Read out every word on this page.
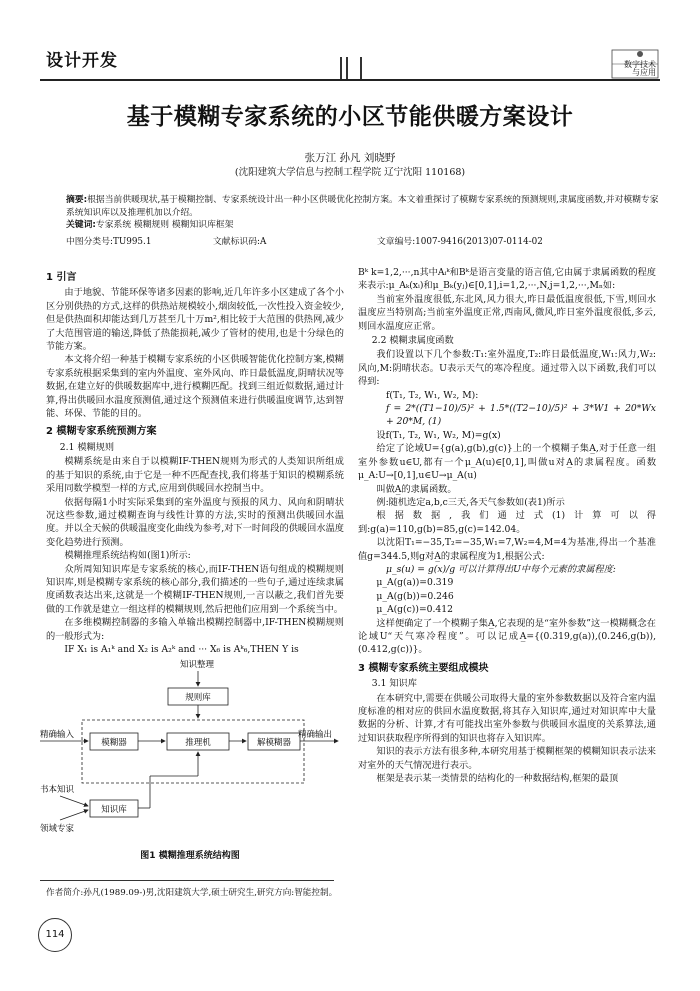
设计开发	数字技术
与应用
基于模糊专家系统的小区节能供暖方案设计
张万江 孙凡 刘晓野
(沈阳建筑大学信息与控制工程学院 辽宁沈阳 110168)
摘要:根据当前供暖现状,基于模糊控制、专家系统设计出一种小区供暖优化控制方案。本文着重探讨了模糊专家系统的预测规则,隶属度函数,并对模糊专家系统知识库以及推理机加以介绍。
关键词:专家系统 模糊规则 模糊知识库框架
中图分类号:TU995.1	文献标识码:A	文章编号:1007-9416(2013)07-0114-02

1 引言

由于地貌、节能环保等诸多因素的影响,近几年许多小区建成了各个小区分别供热的方式,这样的供热站规模较小,烟囱较低,一次性投入资金较少,但是供热面积却能达到几万甚至几十万m²,相比较于大范围的供热网,减少了大范围管道的输送,降低了热能损耗,减少了管材的使用,也是十分绿色的节能方案。

本文将介绍一种基于模糊专家系统的小区供暖智能优化控制方案,模糊专家系统根据采集到的室内外温度、室外风向、昨日最低温度,阴晴状况等数据,在建立好的供暖数据库中,进行模糊匹配。找到三组近似数据,通过计算,得出供暖回水温度预测值,通过这个预测值来进行供暖温度调节,达到智能、环保、节能的目的。

2 模糊专家系统预测方案

2.1 模糊规则

模糊系统是由来自于以模糊IF-THEN规则为形式的人类知识所组成的基于知识的系统,由于它是一种不匹配查找,我们将基于知识的模糊系统采用同数学模型一样的方式,应用到供暖回水控制当中。

依据每隔1小时实际采集到的室外温度与预报的风力、风向和阴晴状况这些参数,通过模糊查询与线性计算的方法,实时的预测出供暖回水温度。并以全天候的供暖温度变化曲线为参考,对下一时间段的供暖回水温度变化趋势进行预测。

模糊推理系统结构如(图1)所示:

众所周知知识库是专家系统的核心,而IF-THEN语句组成的模糊规则知识库,则是模糊专家系统的核心部分,我们描述的一些句子,通过连续隶属度函数表达出来,这就是一个模糊IF-THEN规则,一言以蔽之,我们首先要做的工作就是建立一组这样的模糊规则,然后把他们应用到一个系统当中。

在多维模糊控制器的多输入单输出模糊控制器中,IF-THEN模糊规则的一般形式为:

IF X₁ is A₁ᵏ and X₂ is A₂ᵏ and ··· X₆ is Aᵏ₆,THEN Y is

知识整理
规则库
精确输入
模糊器	推理机	解模糊器
精确输出
书本知识
知识库
领域专家
图1 模糊推理系统结构图

Bᵏ k=1,2,···,n其中Aᵢᵏ和Bᵏ是语言变量的语言值,它由属于隶属函数的程度来表示:μ_Aₖ(xᵢ)和μ_Bₖ(yⱼ)∈[0,1],i=1,2,···,N,j=1,2,···,Mₙ如:

当前室外温度很低,东北风,风力很大,昨日最低温度很低,下雪,则回水温度应当特别高;当前室外温度正常,西南风,微风,昨日室外温度很低,多云,则回水温度应正常。

2.2 模糊隶属度函数

我们设置以下几个参数:T₁:室外温度,T₂:昨日最低温度,W₁:风力,W₂:风向,M:阴晴状态。U表示天气的寒冷程度。通过带入以下函数,我们可以得到:

f(T₁, T₂, W₁, W₂, M):

f = 2*((T1−10)/5)² + 1.5*((T2−10)/5)² + 3*W1 + 20*Wx + 20*M, (1)

设f(T₁, T₂, W₁, W₂, M)=g(x)

给定了论域U={g(a),g(b),g(c)}上的一个模糊子集A̲,对于任意一组室外参数u∈U,都有一个μ_A(u)∈[0,1],叫做u对A̲的隶属程度。函数μ_A:U→[0,1],u∈U→μ_A(u)

叫做A̲的隶属函数。

例:随机选定a,b,c三天,各天气参数如(表1)所示

根据数据,我们通过式(1)计算可以得到:g(a)=110,g(b)=85,g(c)=142.04。

以沈阳T₁=−35,T₂=−35,W₁=7,W₂=4,M=4为基准,得出一个基准值g=344.5,则g对A̲的隶属程度为1,根据公式:

μ_s(u) = g(x)/g 可以计算得出U中每个元素的隶属程度:

μ_A(g(a))=0.319

μ_A(g(b))=0.246

μ_A(g(c))=0.412

这样便确定了一个模糊子集A̲,它表现的是“室外参数”这一模糊概念在论域U“天气寒冷程度”。可以记成A̲={(0.319,g(a)),(0.246,g(b)),(0.412,g(c))}。

3 模糊专家系统主要组成模块

3.1 知识库

在本研究中,需要在供暖公司取得大量的室外参数数据以及符合室内温度标准的相对应的供回水温度数据,将其存入知识库,通过对知识库中大量数据的分析、计算,才有可能找出室外参数与供暖回水温度的关系算法,通过知识获取程序所得到的知识也将存入知识库。

知识的表示方法有很多种,本研究用基于模糊框架的模糊知识表示法来对室外的天气情况进行表示。

框架是表示某一类情景的结构化的一种数据结构,框架的最顶

作者简介:孙凡(1989.09-)男,沈阳建筑大学,硕士研究生,研究方向:智能控制。
114
